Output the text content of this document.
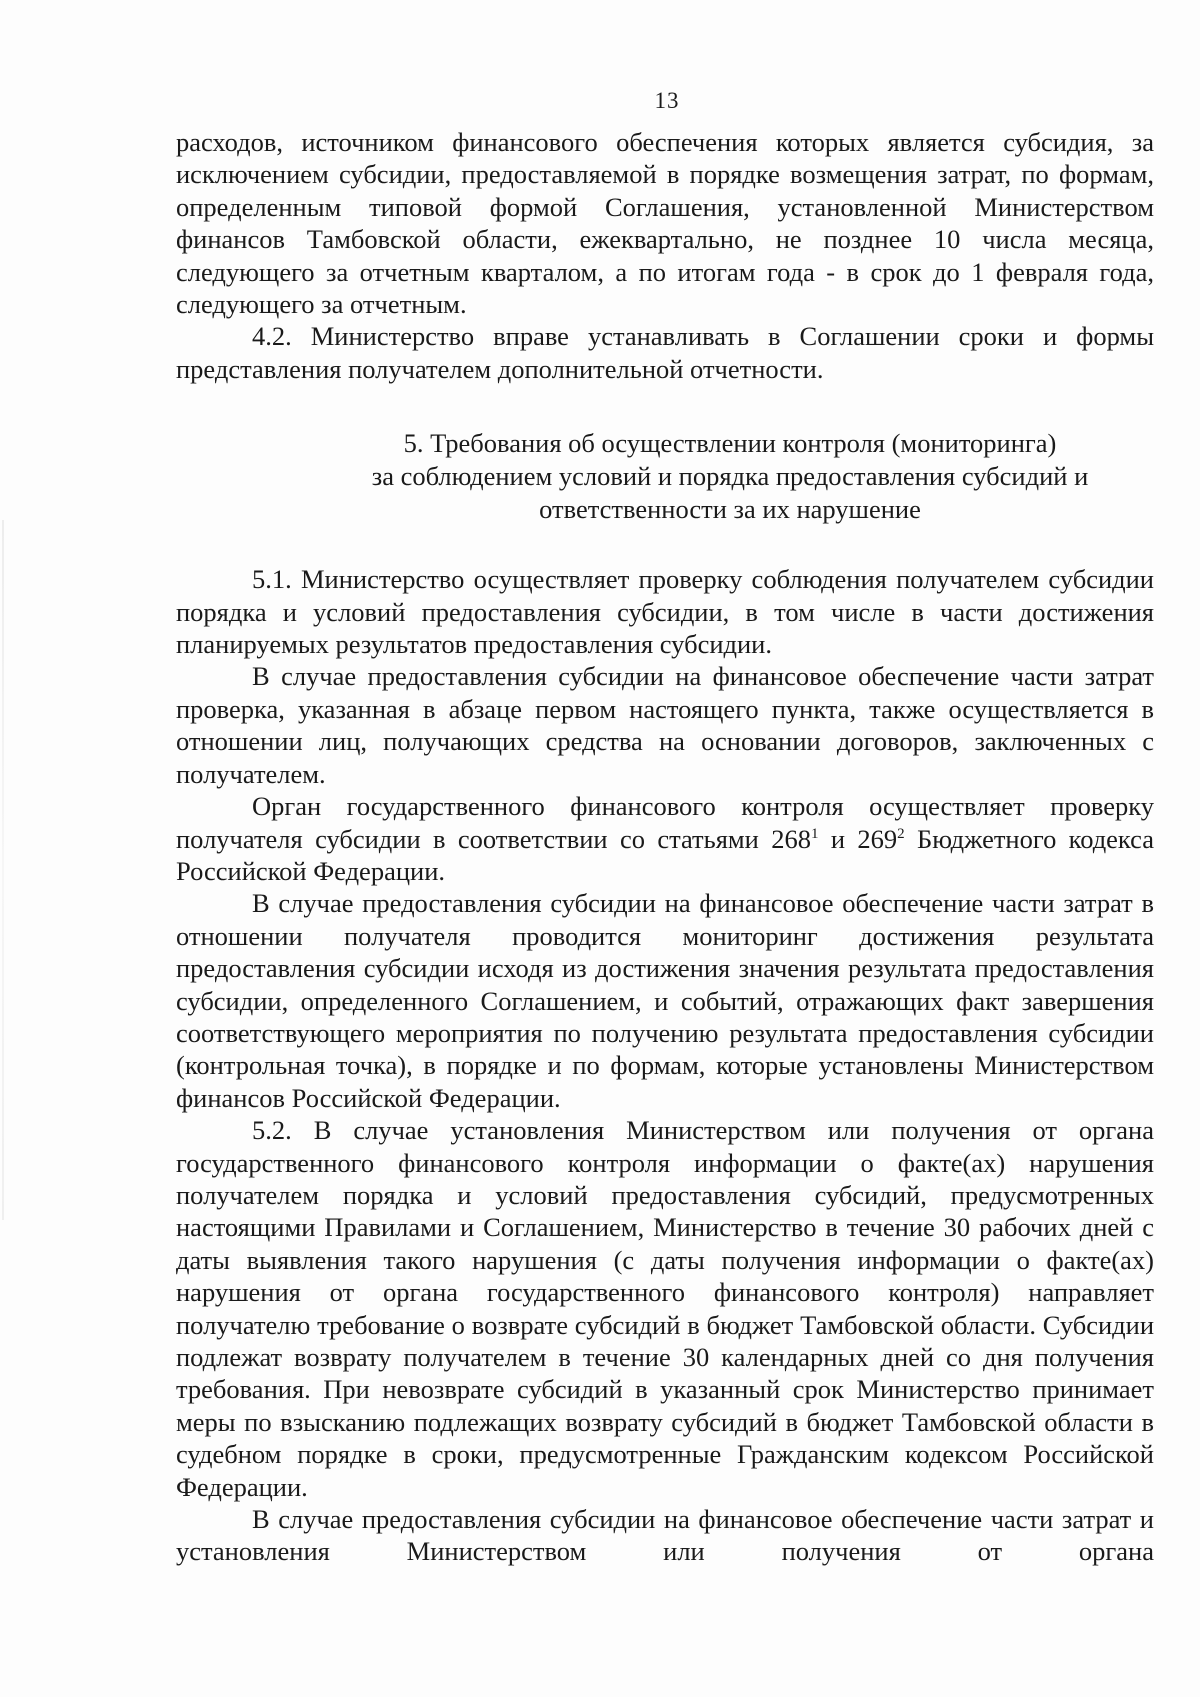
13

расходов, источником финансового обеспечения которых является субсидия, за исключением субсидии, предоставляемой в порядке возмещения затрат, по формам, определенным типовой формой Соглашения, установленной Министерством финансов Тамбовской области, ежеквартально, не позднее 10 числа месяца, следующего за отчетным кварталом, а по итогам года - в срок до 1 февраля года, следующего за отчетным.

4.2. Министерство вправе устанавливать в Соглашении сроки и формы представления получателем дополнительной отчетности.

5. Требования об осуществлении контроля (мониторинга)
за соблюдением условий и порядка предоставления субсидий и
ответственности за их нарушение

5.1. Министерство осуществляет проверку соблюдения получателем субсидии порядка и условий предоставления субсидии, в том числе в части достижения планируемых результатов предоставления субсидии.

В случае предоставления субсидии на финансовое обеспечение части затрат проверка, указанная в абзаце первом настоящего пункта, также осуществляется в отношении лиц, получающих средства на основании договоров, заключенных с получателем.

Орган государственного финансового контроля осуществляет проверку получателя субсидии в соответствии со статьями $268^1$ и $269^2$ Бюджетного кодекса Российской Федерации.

В случае предоставления субсидии на финансовое обеспечение части затрат в отношении получателя проводится мониторинг достижения результата предоставления субсидии исходя из достижения значения результата предоставления субсидии, определенного Соглашением, и событий, отражающих факт завершения соответствующего мероприятия по получению результата предоставления субсидии (контрольная точка), в порядке и по формам, которые установлены Министерством финансов Российской Федерации.

5.2. В случае установления Министерством или получения от органа государственного финансового контроля информации о факте(ах) нарушения получателем порядка и условий предоставления субсидий, предусмотренных настоящими Правилами и Соглашением, Министерство в течение 30 рабочих дней с даты выявления такого нарушения (с даты получения информации о факте(ах) нарушения от органа государственного финансового контроля) направляет получателю требование о возврате субсидий в бюджет Тамбовской области. Субсидии подлежат возврату получателем в течение 30 календарных дней со дня получения требования. При невозврате субсидий в указанный срок Министерство принимает меры по взысканию подлежащих возврату субсидий в бюджет Тамбовской области в судебном порядке в сроки, предусмотренные Гражданским кодексом Российской Федерации.

В случае предоставления субсидии на финансовое обеспечение части затрат и установления Министерством или получения от органа
